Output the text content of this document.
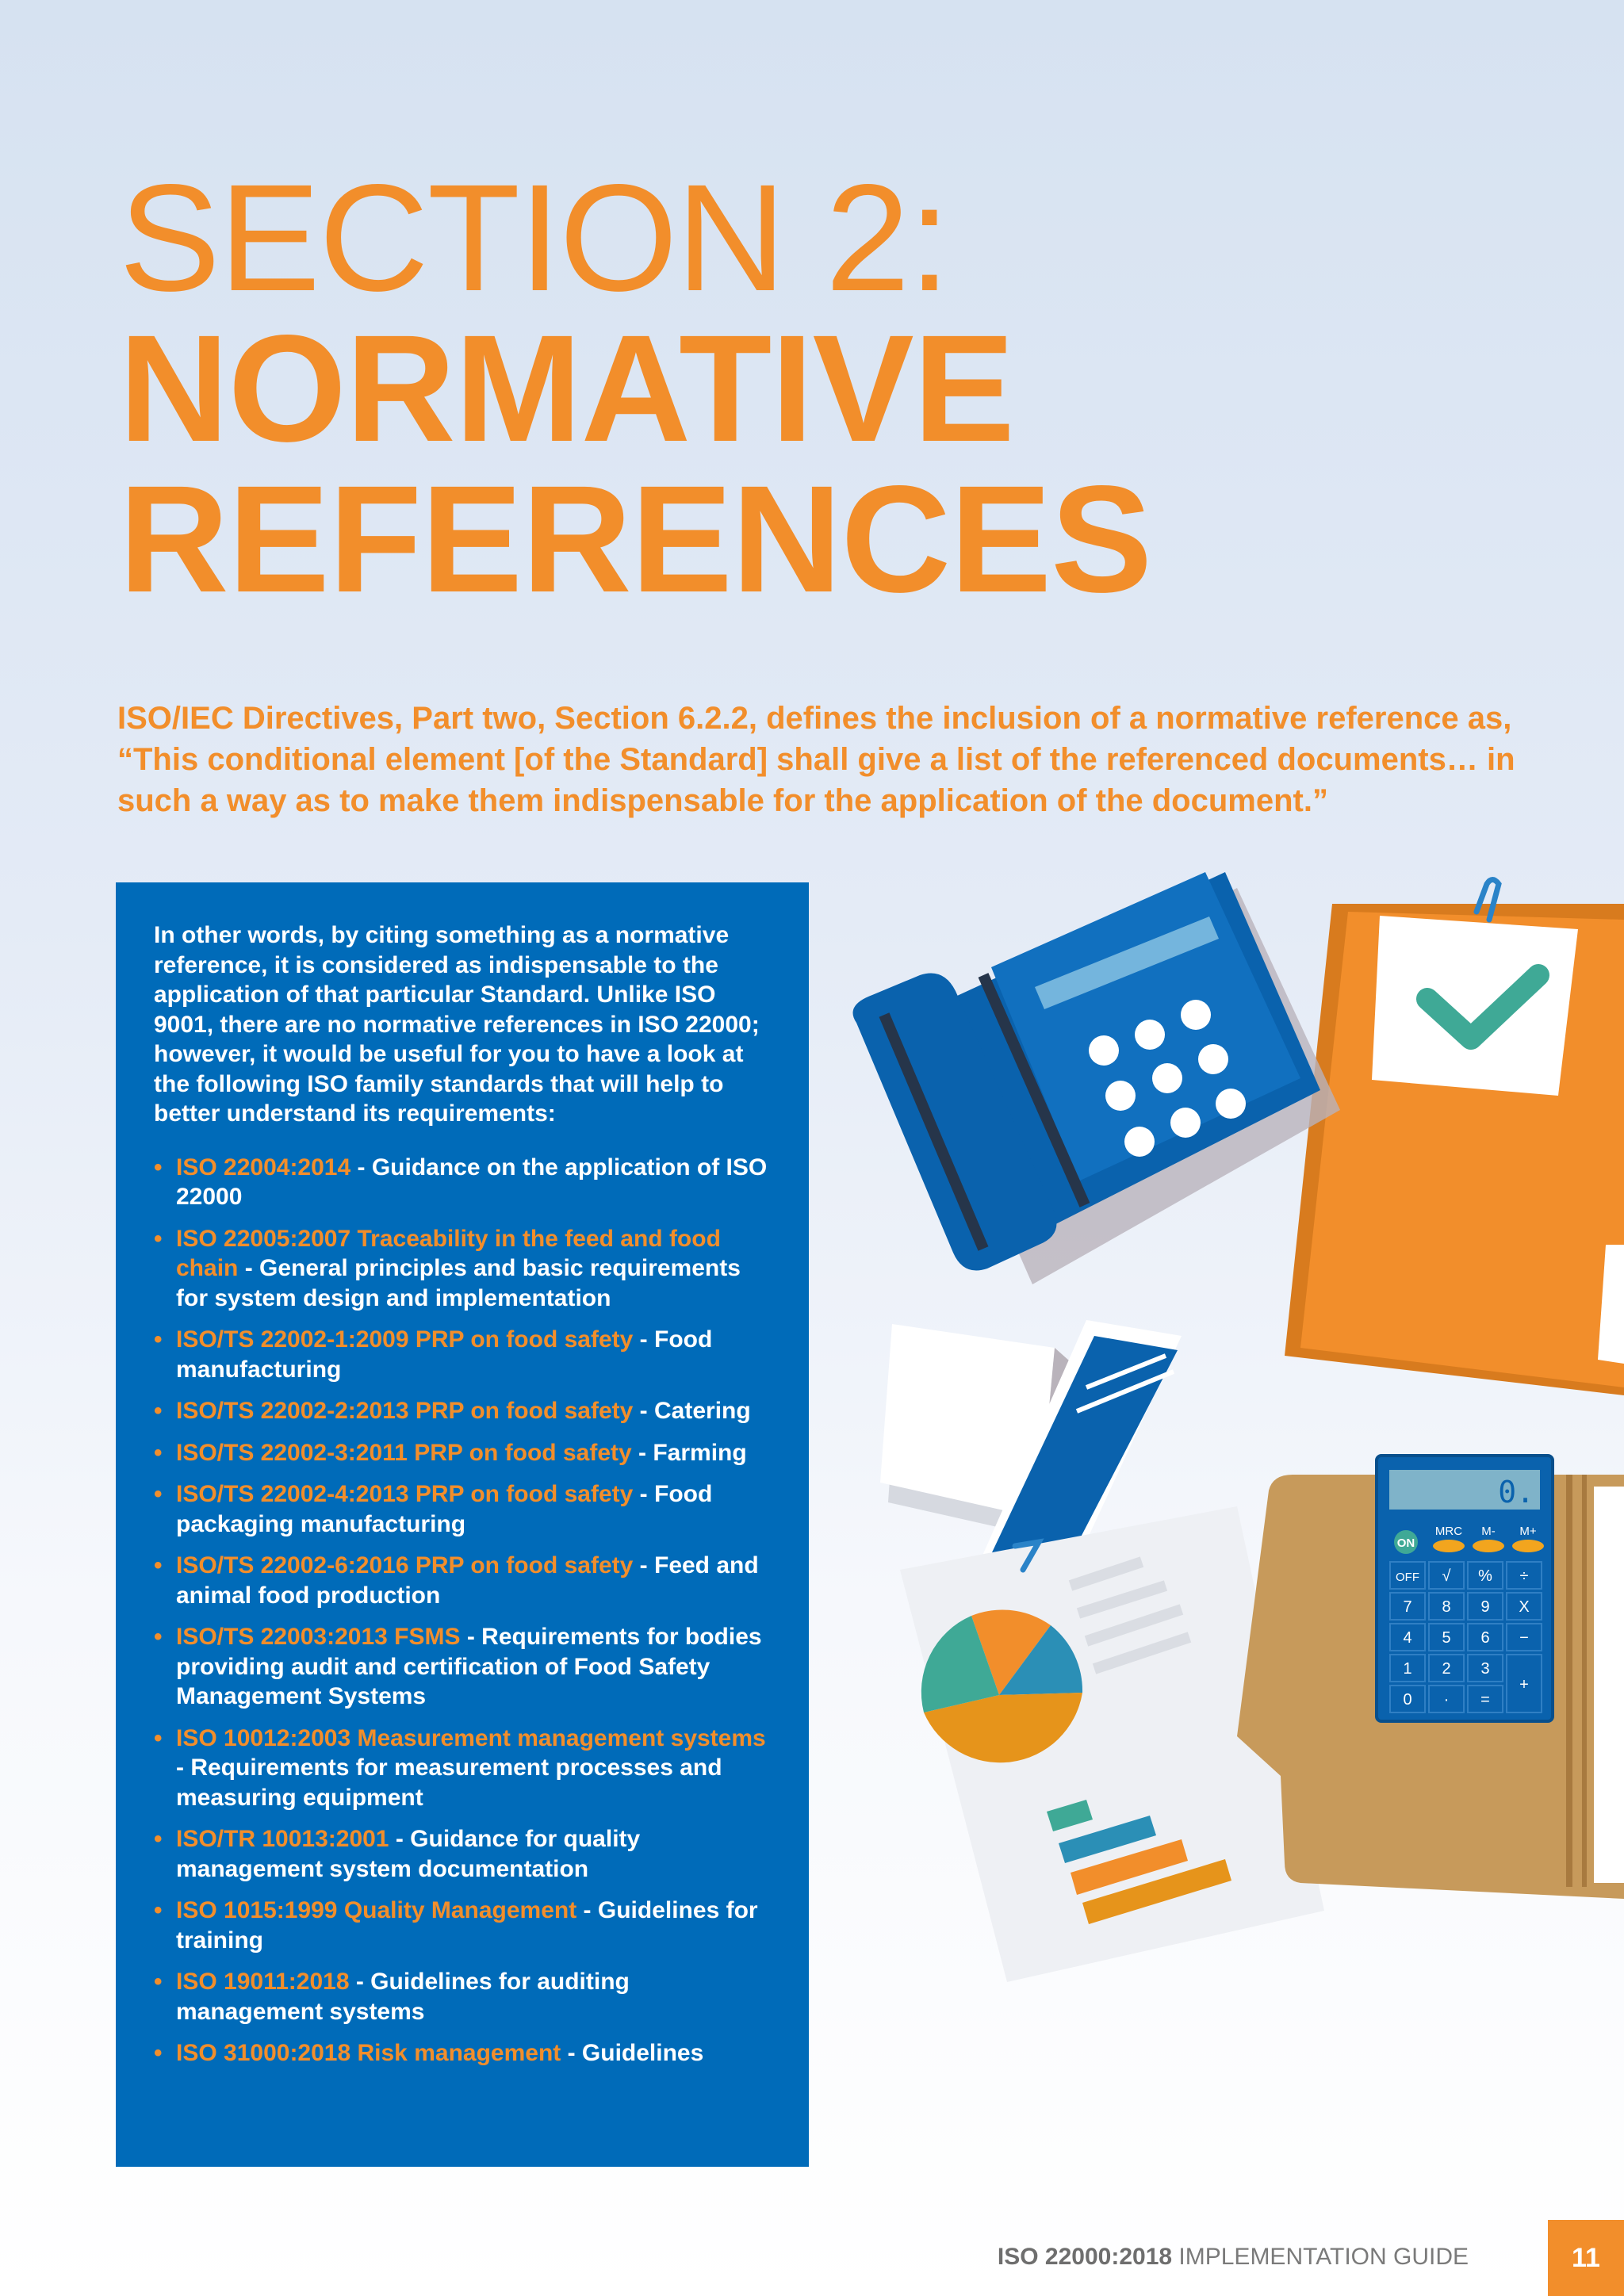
SECTION 2:
NORMATIVE
REFERENCES

ISO/IEC Directives, Part two, Section 6.2.2, defines the inclusion of a normative reference as, “This conditional element [of the Standard] shall give a list of the referenced documents… in such a way as to make them indispensable for the application of the document.”

In other words, by citing something as a normative reference, it is considered as indispensable to the application of that particular Standard. Unlike ISO 9001, there are no normative references in ISO 22000; however, it would be useful for you to have a look at the following ISO family standards that will help to better understand its requirements:

• ISO 22004:2014 - Guidance on the application of ISO 22000
• ISO 22005:2007 Traceability in the feed and food chain - General principles and basic requirements for system design and implementation
• ISO/TS 22002-1:2009 PRP on food safety - Food manufacturing
• ISO/TS 22002-2:2013 PRP on food safety - Catering
• ISO/TS 22002-3:2011 PRP on food safety - Farming
• ISO/TS 22002-4:2013 PRP on food safety - Food packaging manufacturing
• ISO/TS 22002-6:2016 PRP on food safety - Feed and animal food production
• ISO/TS 22003:2013 FSMS - Requirements for bodies providing audit and certification of Food Safety Management Systems
• ISO 10012:2003 Measurement management systems - Requirements for measurement processes and measuring equipment
• ISO/TR 10013:2001 - Guidance for quality management system documentation
• ISO 1015:1999 Quality Management - Guidelines for training
• ISO 19011:2018 - Guidelines for auditing management systems
• ISO 31000:2018 Risk management - Guidelines
0.
ON
MRC M- M+
OFF √ % ÷
7 8 9 X
4 5 6 −
1 2 3
+
0 · =
ISO 22000:2018 IMPLEMENTATION GUIDE	11
